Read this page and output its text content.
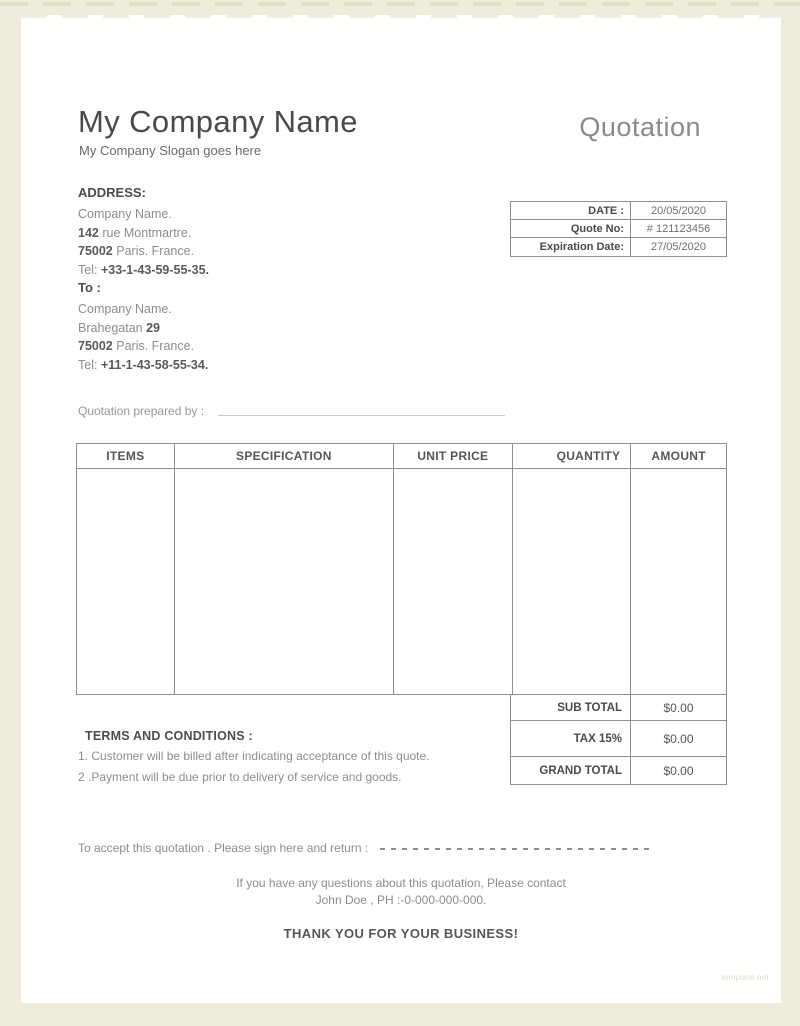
My Company Name
My Company Slogan goes here
Quotation
ADDRESS:
Company Name.
142 rue Montmartre.
75002 Paris. France.
Tel: +33-1-43-59-55-35.
To :
Company Name.
Brahegatan 29
75002 Paris. France.
Tel: +11-1-43-58-55-34.
DATE :	20/05/2020
Quote No:	# 121123456
Expiration Date:	27/05/2020
Quotation prepared by :
ITEMS	SPECIFICATION	UNIT PRICE	QUANTITY	AMOUNT
SUB TOTAL	$0.00
TAX 15%	$0.00
GRAND TOTAL	$0.00
TERMS AND CONDITIONS :
1. Customer will be billed after indicating acceptance of this quote.
2 .Payment will be due prior to delivery of service and goods.
To accept this quotation . Please sign here and return :
If you have any questions about this quotation, Please contact
John Doe , PH :-0-000-000-000.
THANK YOU FOR YOUR BUSINESS!
template.net
